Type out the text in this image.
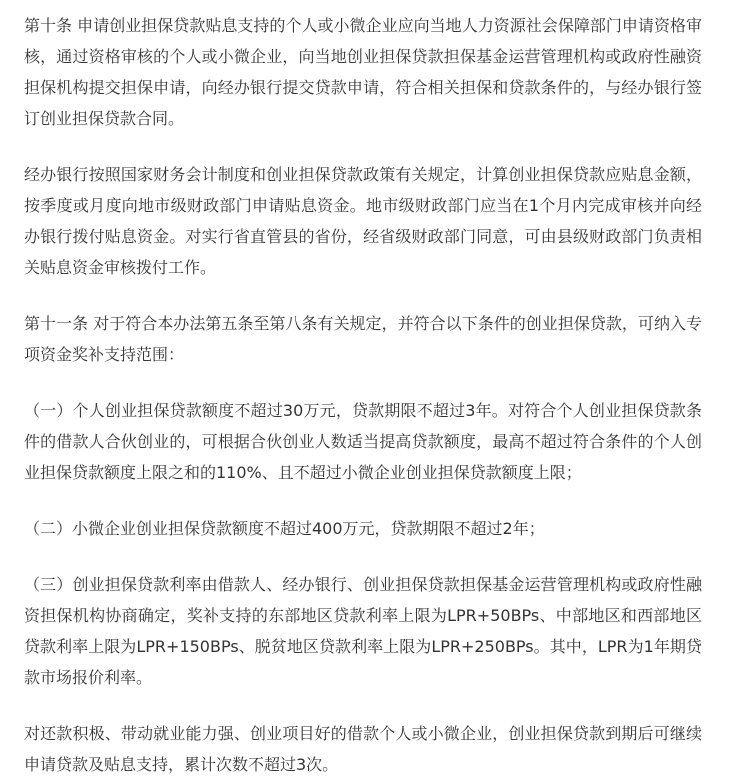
第十条 申请创业担保贷款贴息支持的个人或小微企业应向当地人力资源社会保障部门申请资格审核，通过资格审核的个人或小微企业，向当地创业担保贷款担保基金运营管理机构或政府性融资担保机构提交担保申请，向经办银行提交贷款申请，符合相关担保和贷款条件的，与经办银行签订创业担保贷款合同。

经办银行按照国家财务会计制度和创业担保贷款政策有关规定，计算创业担保贷款应贴息金额，按季度或月度向地市级财政部门申请贴息资金。地市级财政部门应当在1个月内完成审核并向经办银行拨付贴息资金。对实行省直管县的省份，经省级财政部门同意，可由县级财政部门负责相关贴息资金审核拨付工作。

第十一条 对于符合本办法第五条至第八条有关规定，并符合以下条件的创业担保贷款，可纳入专项资金奖补支持范围：

（一）个人创业担保贷款额度不超过30万元，贷款期限不超过3年。对符合个人创业担保贷款条件的借款人合伙创业的，可根据合伙创业人数适当提高贷款额度，最高不超过符合条件的个人创业担保贷款额度上限之和的110%、且不超过小微企业创业担保贷款额度上限；

（二）小微企业创业担保贷款额度不超过400万元，贷款期限不超过2年；

（三）创业担保贷款利率由借款人、经办银行、创业担保贷款担保基金运营管理机构或政府性融资担保机构协商确定，奖补支持的东部地区贷款利率上限为LPR+50BPs、中部地区和西部地区贷款利率上限为LPR+150BPs、脱贫地区贷款利率上限为LPR+250BPs。其中，LPR为1年期贷款市场报价利率。

对还款积极、带动就业能力强、创业项目好的借款个人或小微企业，创业担保贷款到期后可继续申请贷款及贴息支持，累计次数不超过3次。
